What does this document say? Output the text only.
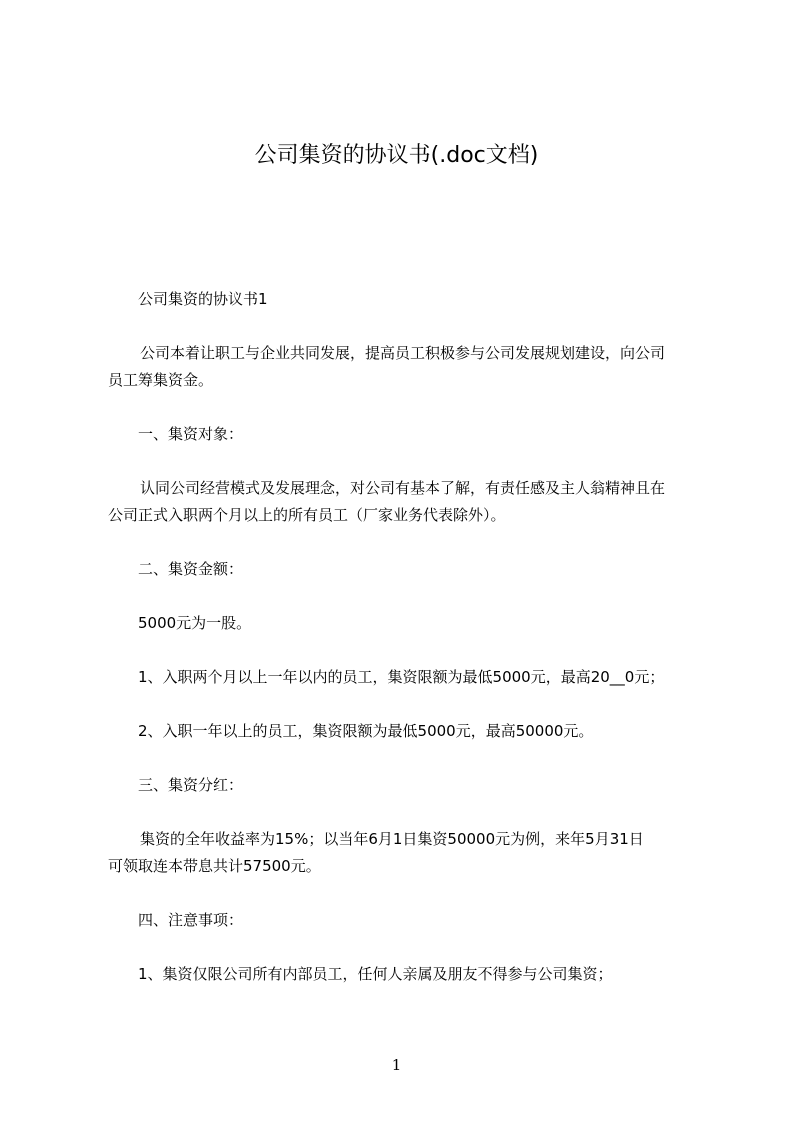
公司集资的协议书(.doc文档)
公司集资的协议书1
公司本着让职工与企业共同发展，提高员工积极参与公司发展规划建设，向公司
员工筹集资金。
一、集资对象：
认同公司经营模式及发展理念，对公司有基本了解，有责任感及主人翁精神且在
公司正式入职两个月以上的所有员工（厂家业务代表除外）。
二、集资金额：
5000元为一股。
1、入职两个月以上一年以内的员工，集资限额为最低5000元，最高20__0元；
2、入职一年以上的员工，集资限额为最低5000元，最高50000元。
三、集资分红：
集资的全年收益率为15%；以当年6月1日集资50000元为例，来年5月31日
可领取连本带息共计57500元。
四、注意事项：
1、集资仅限公司所有内部员工，任何人亲属及朋友不得参与公司集资；
1
